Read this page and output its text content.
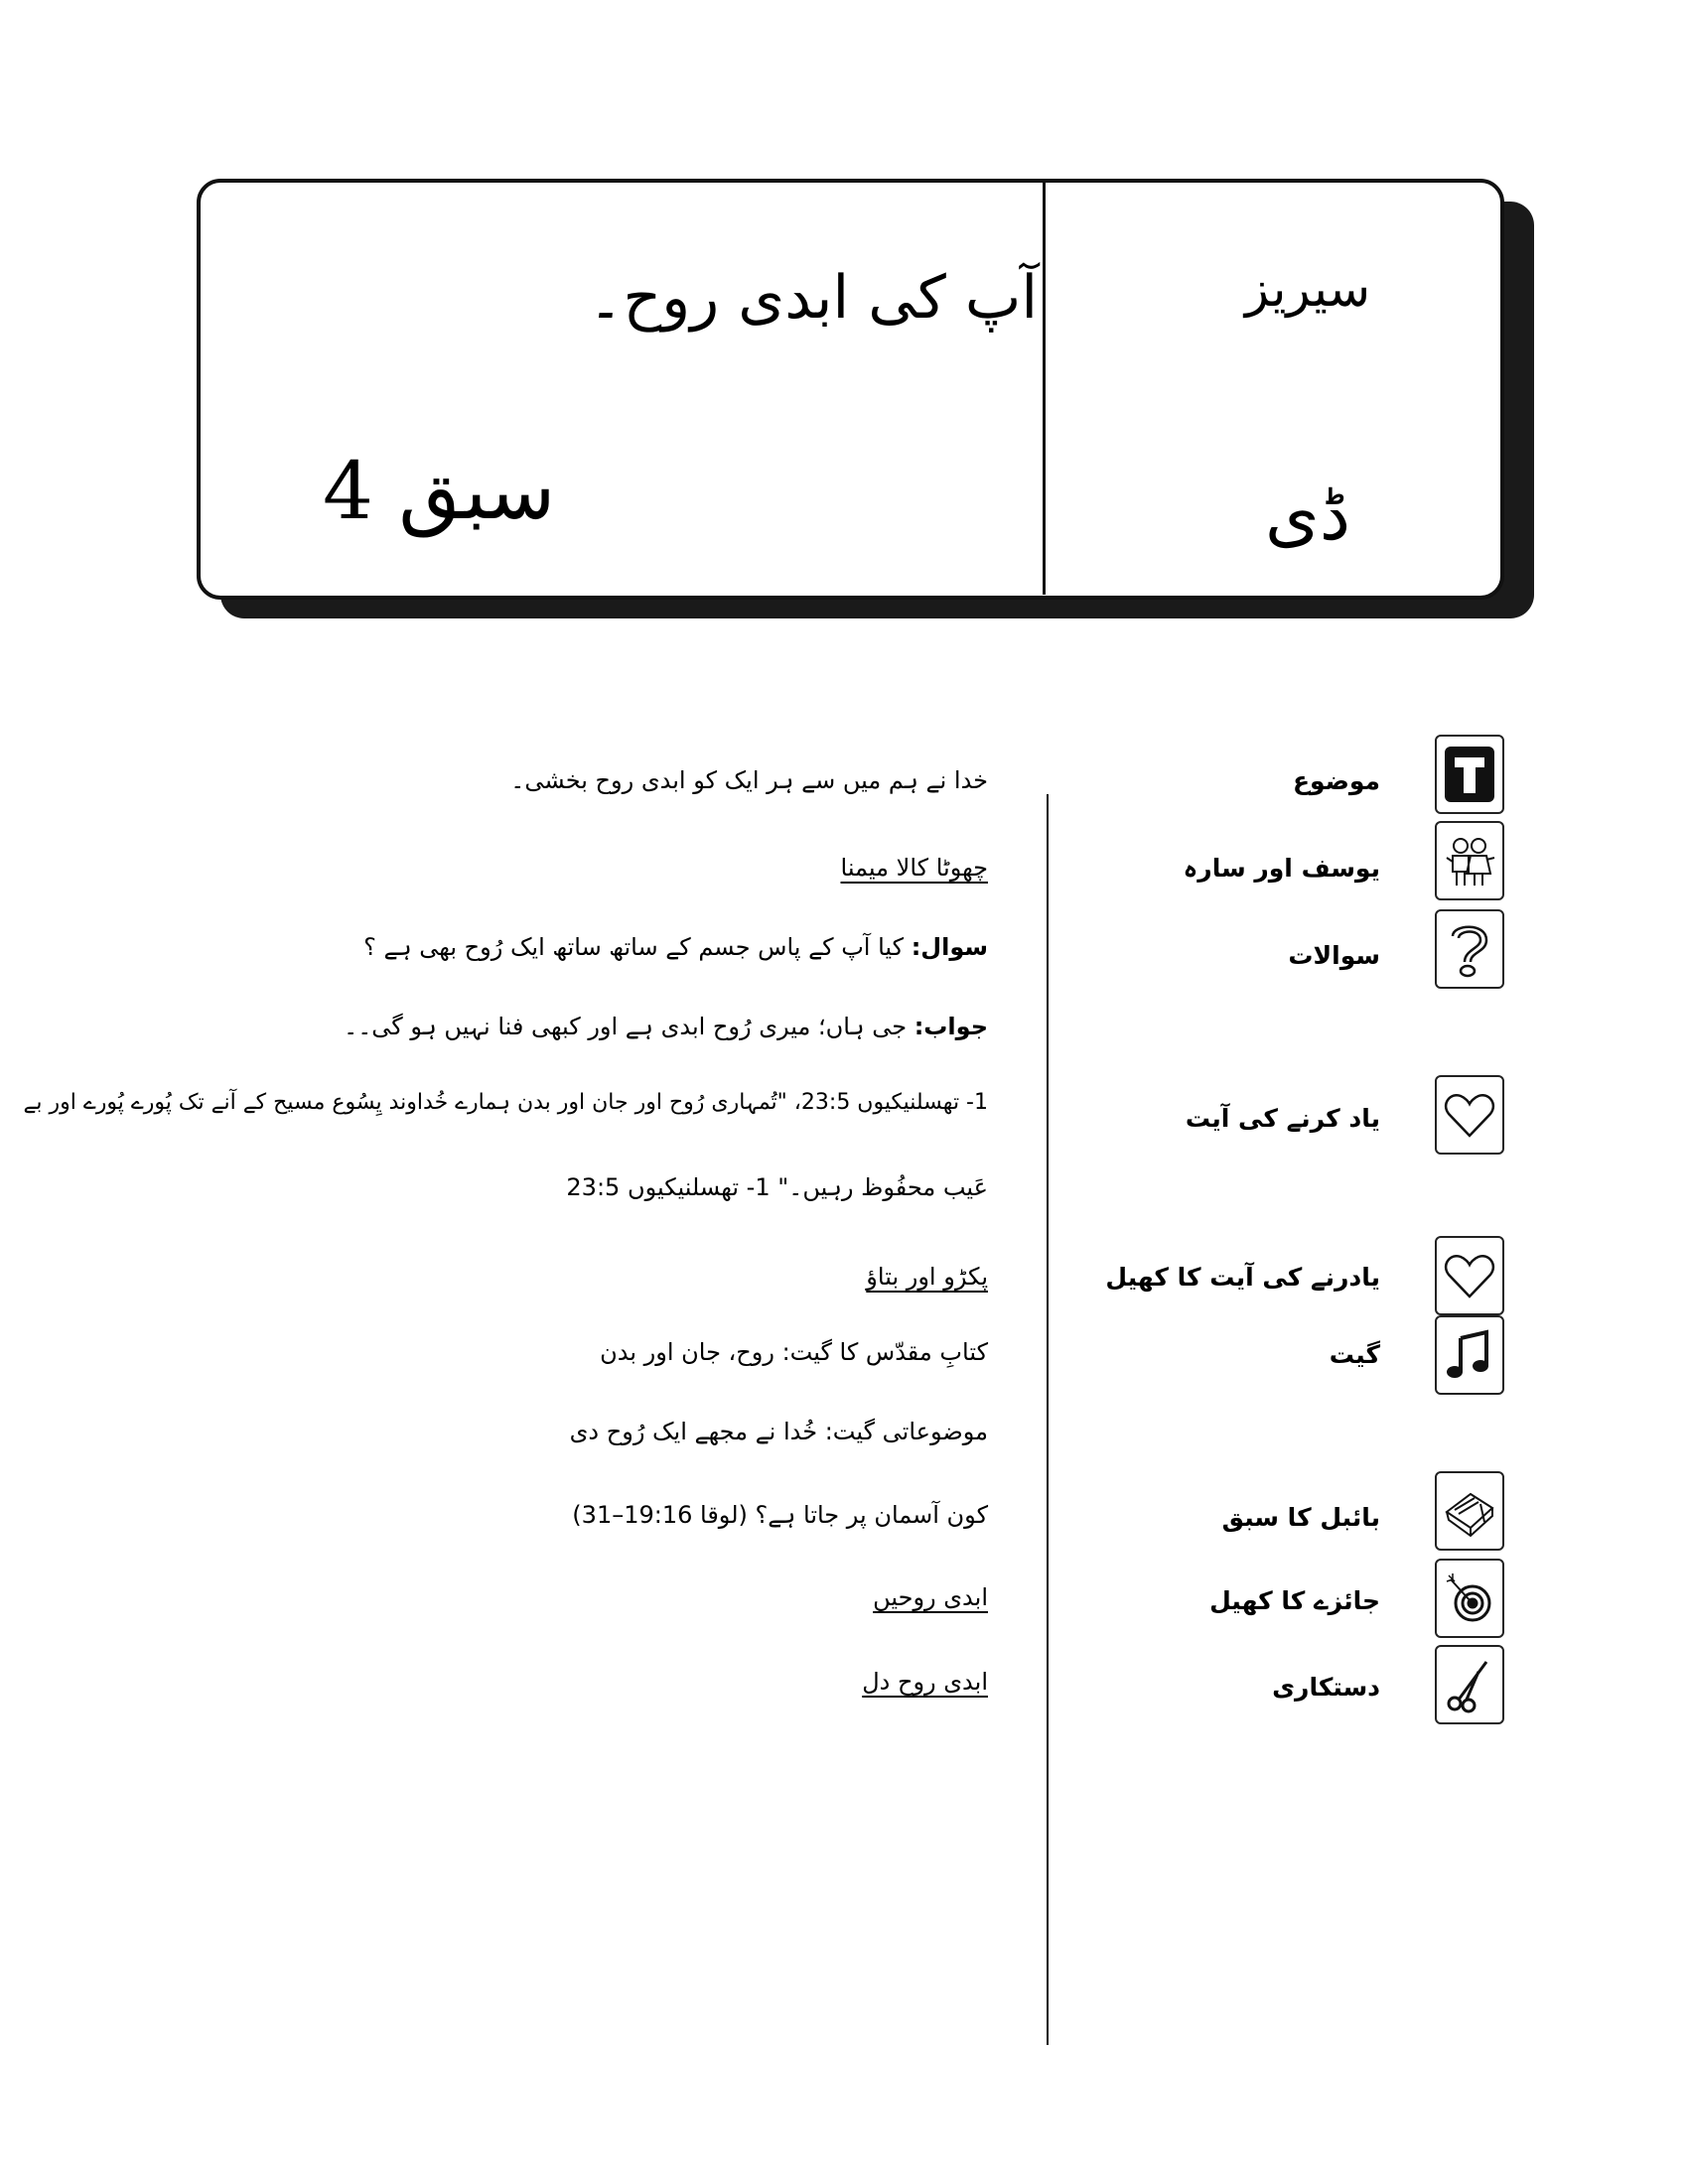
آپ کی ابدی روح۔	سیریز
سبق 4	ڈی
موضوع
یوسف اور سارہ
سوالات
یاد کرنے کی آیت
یادرنے کی آیت کا کھیل
گیت
بائبل کا سبق
جائزے کا کھیل
دستکاری
خدا نے ہم میں سے ہر ایک کو ابدی روح بخشی۔
چھوٹا کالا میمنا
سوال: کیا آپ کے پاس جسم کے ساتھ ساتھ ایک رُوح بھی ہے ؟
جواب: جی ہاں؛ میری رُوح ابدی ہے اور کبھی فنا نہیں ہو گی۔۔
1- تھسلنیکیوں 23:5، "تُمہاری رُوح اور جان اور بدن ہمارے خُداوند یِسُوع مسیح کے آنے تک پُورے پُورے اور بے
عَیب محفُوظ رہیں۔" 1- تھسلنیکیوں 23:5
پکڑو اور بتاؤ
کتابِ مقدّس کا گیت: روح، جان اور بدن
موضوعاتی گیت: خُدا نے مجھے ایک رُوح دی
کون آسمان پر جاتا ہے؟ (لوقا 19:16–31)
ابدی روحیں
ابدی روح دل
